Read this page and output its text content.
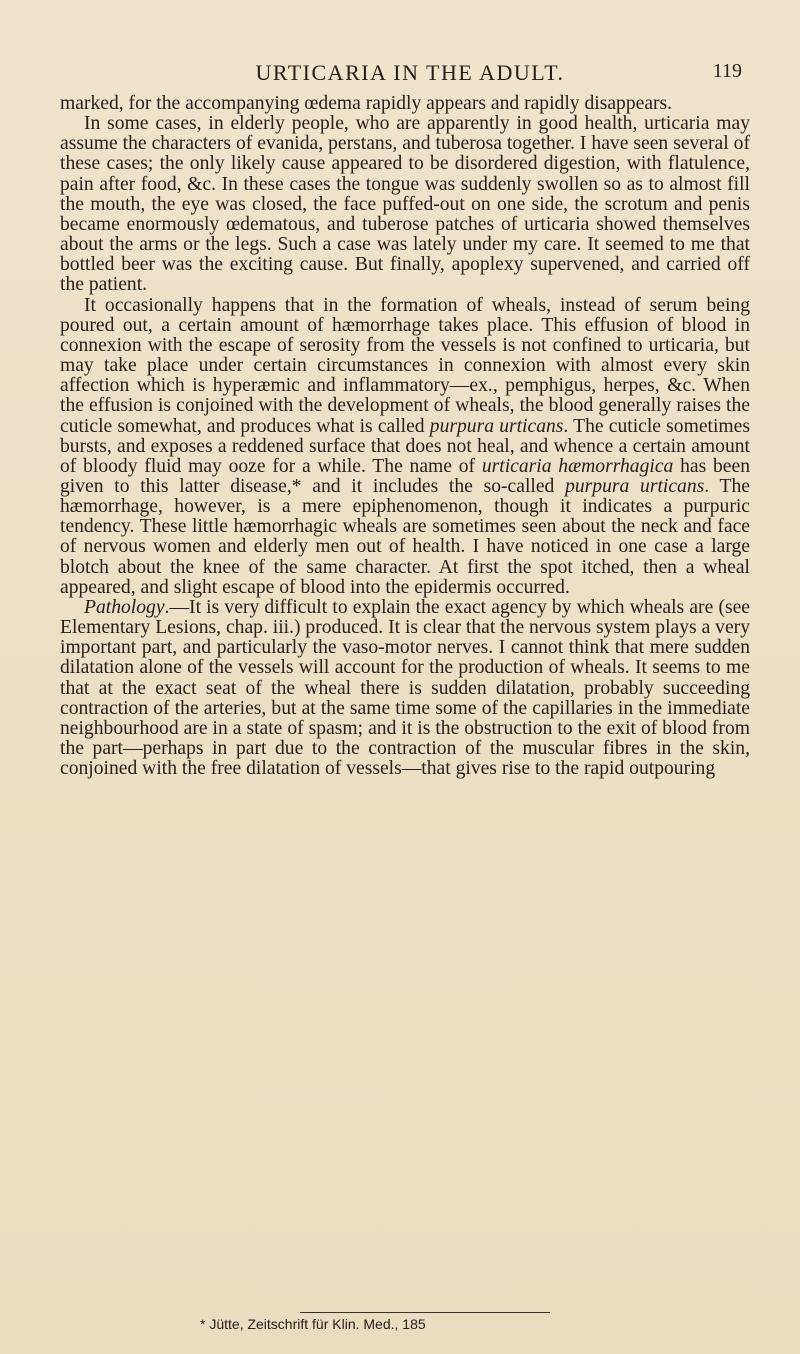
URTICARIA IN THE ADULT.	119

marked, for the accompanying œdema rapidly appears and rapidly disappears.

In some cases, in elderly people, who are apparently in good health, urticaria may assume the characters of evanida, perstans, and tuberosa together. I have seen several of these cases; the only likely cause appeared to be disordered digestion, with flatulence, pain after food, &c. In these cases the tongue was suddenly swollen so as to almost fill the mouth, the eye was closed, the face puffed-out on one side, the scrotum and penis became enormously œdematous, and tuberose patches of urticaria showed themselves about the arms or the legs. Such a case was lately under my care. It seemed to me that bottled beer was the exciting cause. But finally, apoplexy supervened, and carried off the patient.

It occasionally happens that in the formation of wheals, instead of serum being poured out, a certain amount of hæmorrhage takes place. This effusion of blood in connexion with the escape of serosity from the vessels is not confined to urticaria, but may take place under certain circumstances in connexion with almost every skin affection which is hyperæmic and inflammatory—ex., pemphigus, herpes, &c. When the effusion is conjoined with the development of wheals, the blood generally raises the cuticle somewhat, and produces what is called purpura urticans. The cuticle sometimes bursts, and exposes a reddened surface that does not heal, and whence a certain amount of bloody fluid may ooze for a while. The name of urticaria hæmorrhagica has been given to this latter disease,* and it includes the so-called purpura urticans. The hæmorrhage, however, is a mere epiphenomenon, though it indicates a purpuric tendency. These little hæmorrhagic wheals are sometimes seen about the neck and face of nervous women and elderly men out of health. I have noticed in one case a large blotch about the knee of the same character. At first the spot itched, then a wheal appeared, and slight escape of blood into the epidermis occurred.

Pathology.—It is very difficult to explain the exact agency by which wheals are (see Elementary Lesions, chap. iii.) produced. It is clear that the nervous system plays a very important part, and particularly the vaso-motor nerves. I cannot think that mere sudden dilatation alone of the vessels will account for the production of wheals. It seems to me that at the exact seat of the wheal there is sudden dilatation, probably succeeding contraction of the arteries, but at the same time some of the capillaries in the immediate neighbourhood are in a state of spasm; and it is the obstruction to the exit of blood from the part—perhaps in part due to the contraction of the muscular fibres in the skin, conjoined with the free dilatation of vessels—that gives rise to the rapid outpouring

* Jütte, Zeitschrift für Klin. Med., 185
